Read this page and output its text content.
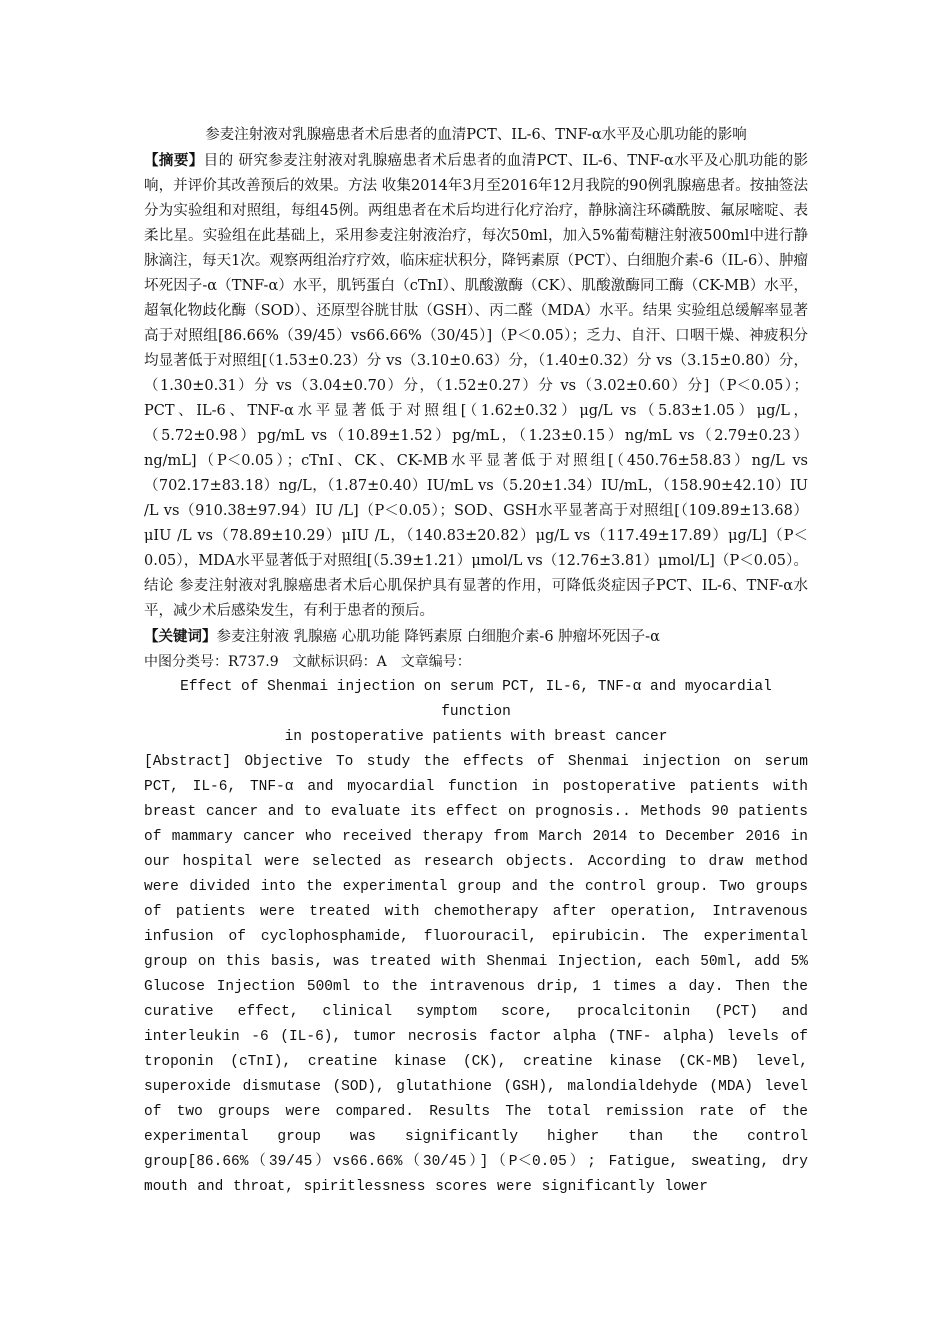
参麦注射液对乳腺癌患者术后患者的血清PCT、IL-6、TNF-α水平及心肌功能的影响

【摘要】目的 研究参麦注射液对乳腺癌患者术后患者的血清PCT、IL-6、TNF-α水平及心肌功能的影响，并评价其改善预后的效果。方法 收集2014年3月至2016年12月我院的90例乳腺癌患者。按抽签法分为实验组和对照组，每组45例。两组患者在术后均进行化疗治疗，静脉滴注环磷酰胺、氟尿嘧啶、表柔比星。实验组在此基础上，采用参麦注射液治疗，每次50ml，加入5%葡萄糖注射液500ml中进行静脉滴注，每天1次。观察两组治疗疗效，临床症状积分，降钙素原（PCT）、白细胞介素-6（IL-6）、肿瘤坏死因子-α（TNF-α）水平，肌钙蛋白（cTnI）、肌酸激酶（CK）、肌酸激酶同工酶（CK-MB）水平，超氧化物歧化酶（SOD）、还原型谷胱甘肽（GSH）、丙二醛（MDA）水平。结果 实验组总缓解率显著高于对照组[86.66%（39/45）vs66.66%（30/45）]（P＜0.05）；乏力、自汗、口咽干燥、神疲积分均显著低于对照组[（1.53±0.23）分 vs（3.10±0.63）分，（1.40±0.32）分 vs（3.15±0.80）分，（1.30±0.31）分 vs（3.04±0.70）分，（1.52±0.27）分 vs（3.02±0.60）分]（P＜0.05）；PCT、IL-6、TNF-α水平显著低于对照组[（1.62±0.32）μg/L vs（5.83±1.05）μg/L，（5.72±0.98）pg/mL vs（10.89±1.52）pg/mL，（1.23±0.15）ng/mL vs（2.79±0.23）ng/mL]（P＜0.05）；cTnI、CK、CK-MB水平显著低于对照组[（450.76±58.83）ng/L vs（702.17±83.18）ng/L，（1.87±0.40）IU/mL vs（5.20±1.34）IU/mL，（158.90±42.10）IU /L vs（910.38±97.94）IU /L]（P＜0.05）；SOD、GSH水平显著高于对照组[（109.89±13.68）μIU /L vs（78.89±10.29）μIU /L，（140.83±20.82）μg/L vs（117.49±17.89）μg/L]（P＜0.05），MDA水平显著低于对照组[（5.39±1.21）μmol/L vs（12.76±3.81）μmol/L]（P＜0.05）。结论 参麦注射液对乳腺癌患者术后心肌保护具有显著的作用，可降低炎症因子PCT、IL-6、TNF-α水平，减少术后感染发生，有利于患者的预后。

【关键词】参麦注射液 乳腺癌 心肌功能 降钙素原 白细胞介素-6 肿瘤坏死因子-α

中图分类号：R737.9 文献标识码：A 文章编号：

Effect of Shenmai injection on serum PCT, IL-6, TNF-α and myocardial function

in postoperative patients with breast cancer

[Abstract] Objective To study the effects of Shenmai injection on serum PCT, IL-6, TNF-α and myocardial function in postoperative patients with breast cancer and to evaluate its effect on prognosis.. Methods 90 patients of mammary cancer who received therapy from March 2014 to December 2016 in our hospital were selected as research objects. According to draw method were divided into the experimental group and the control group. Two groups of patients were treated with chemotherapy after operation, Intravenous infusion of cyclophosphamide, fluorouracil, epirubicin. The experimental group on this basis, was treated with Shenmai Injection, each 50ml, add 5% Glucose Injection 500ml to the intravenous drip, 1 times a day. Then the curative effect, clinical symptom score, procalcitonin (PCT) and interleukin -6 (IL-6), tumor necrosis factor alpha (TNF- alpha) levels of troponin (cTnI), creatine kinase (CK), creatine kinase (CK-MB) level, superoxide dismutase (SOD), glutathione (GSH), malondialdehyde (MDA) level of two groups were compared. Results The total remission rate of the experimental group was significantly higher than the control group[86.66%（39/45）vs66.66%（30/45）]（P＜0.05）; Fatigue, sweating, dry mouth and throat, spiritlessness scores were significantly lower
